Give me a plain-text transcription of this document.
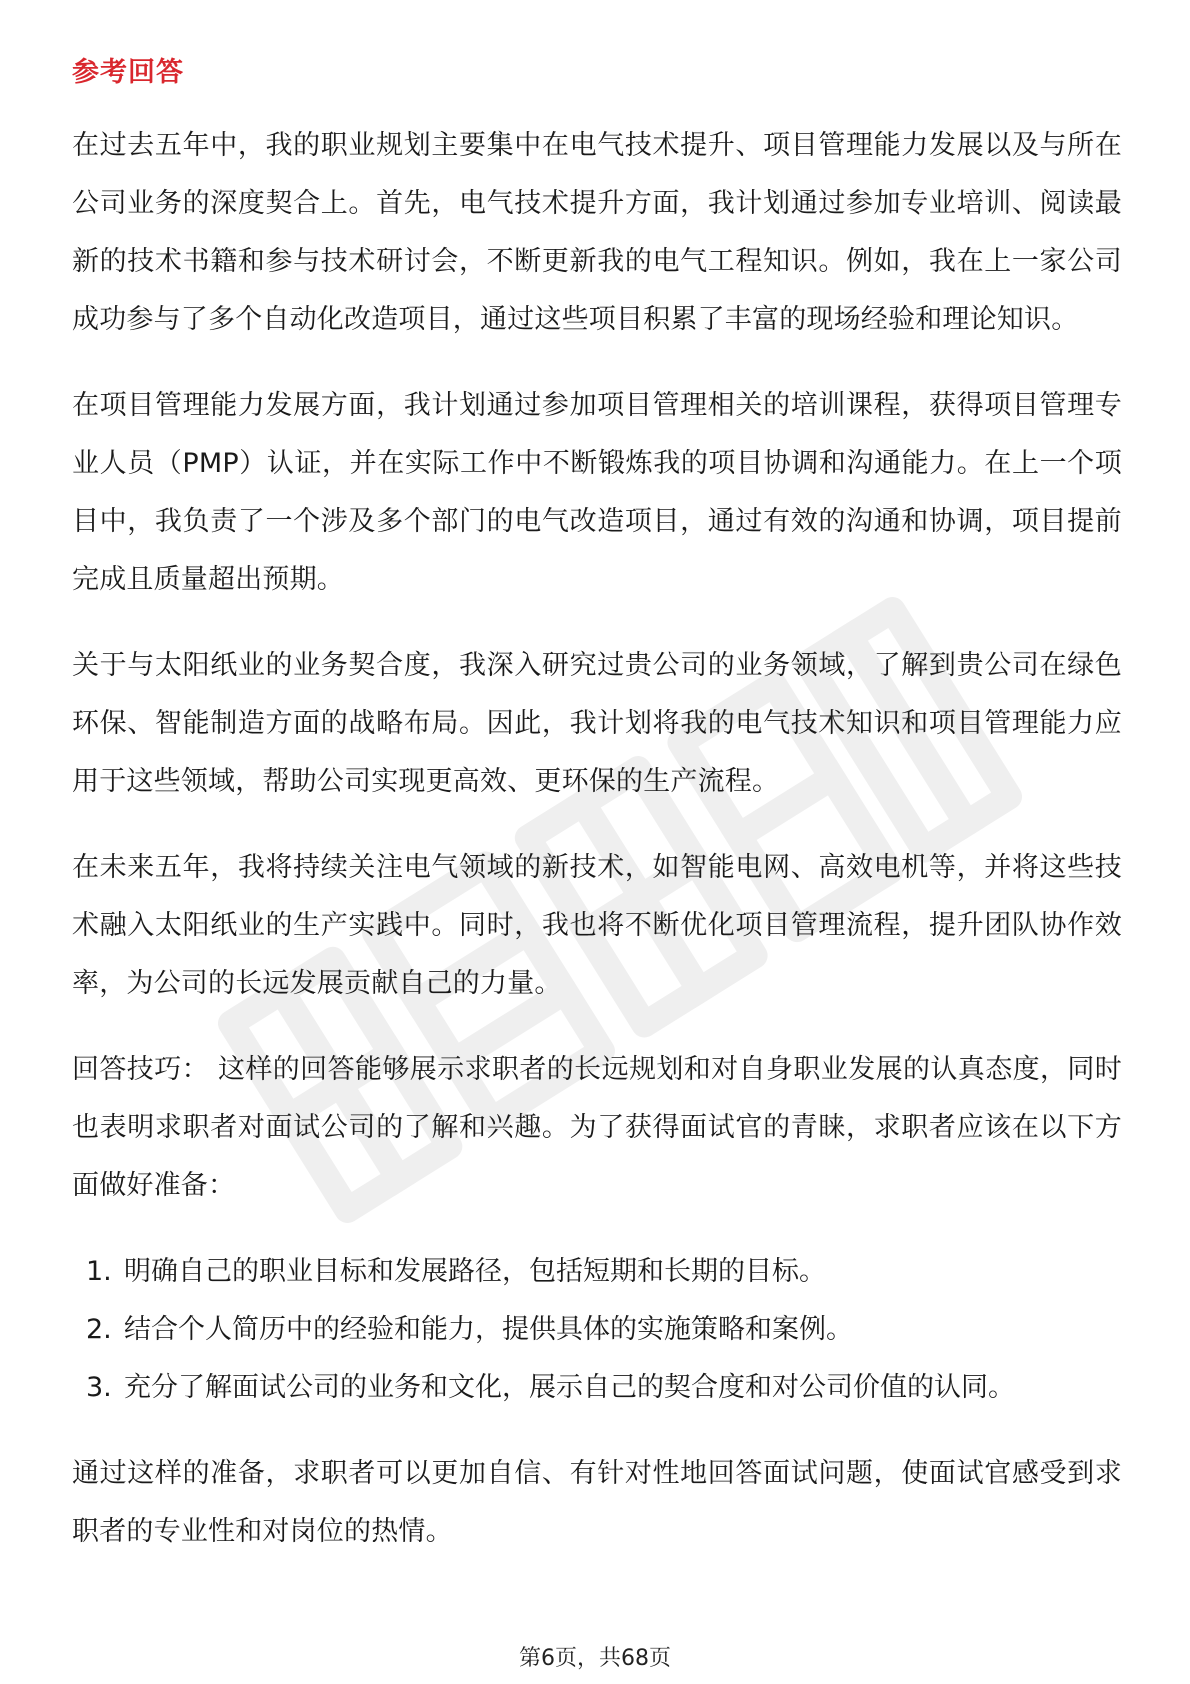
参考回答

在过去五年中，我的职业规划主要集中在电气技术提升、项目管理能力发展以及与所在公司业务的深度契合上。首先，电气技术提升方面，我计划通过参加专业培训、阅读最新的技术书籍和参与技术研讨会，不断更新我的电气工程知识。例如，我在上一家公司成功参与了多个自动化改造项目，通过这些项目积累了丰富的现场经验和理论知识。

在项目管理能力发展方面，我计划通过参加项目管理相关的培训课程，获得项目管理专业人员（PMP）认证，并在实际工作中不断锻炼我的项目协调和沟通能力。在上一个项目中，我负责了一个涉及多个部门的电气改造项目，通过有效的沟通和协调，项目提前完成且质量超出预期。

关于与太阳纸业的业务契合度，我深入研究过贵公司的业务领域，了解到贵公司在绿色环保、智能制造方面的战略布局。因此，我计划将我的电气技术知识和项目管理能力应用于这些领域，帮助公司实现更高效、更环保的生产流程。

在未来五年，我将持续关注电气领域的新技术，如智能电网、高效电机等，并将这些技术融入太阳纸业的生产实践中。同时，我也将不断优化项目管理流程，提升团队协作效率，为公司的长远发展贡献自己的力量。

回答技巧： 这样的回答能够展示求职者的长远规划和对自身职业发展的认真态度，同时也表明求职者对面试公司的了解和兴趣。为了获得面试官的青睐，求职者应该在以下方面做好准备：

1. 明确自己的职业目标和发展路径，包括短期和长期的目标。
2. 结合个人简历中的经验和能力，提供具体的实施策略和案例。
3. 充分了解面试公司的业务和文化，展示自己的契合度和对公司价值的认同。

通过这样的准备，求职者可以更加自信、有针对性地回答面试问题，使面试官感受到求职者的专业性和对岗位的热情。

第6页，共68页
